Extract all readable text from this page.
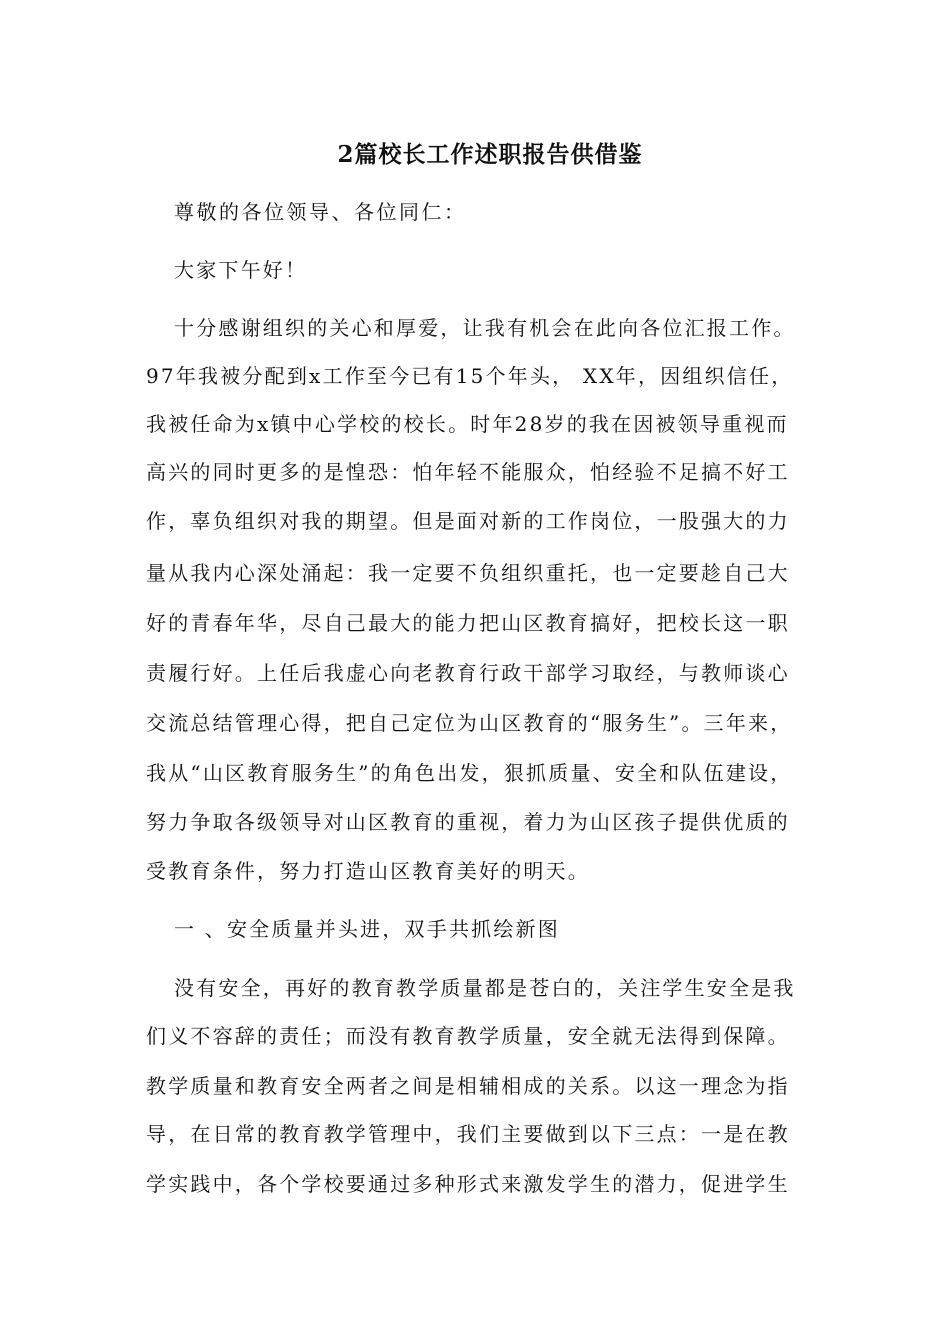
2篇校长工作述职报告供借鉴
尊敬的各位领导、各位同仁：
大家下午好！
十分感谢组织的关心和厚爱，让我有机会在此向各位汇报工作。
97年我被分配到x工作至今已有15个年头， XX年，因组织信任，
我被任命为x镇中心学校的校长。时年28岁的我在因被领导重视而
高兴的同时更多的是惶恐：怕年轻不能服众，怕经验不足搞不好工
作，辜负组织对我的期望。但是面对新的工作岗位，一股强大的力
量从我内心深处涌起：我一定要不负组织重托，也一定要趁自己大
好的青春年华，尽自己最大的能力把山区教育搞好，把校长这一职
责履行好。上任后我虚心向老教育行政干部学习取经，与教师谈心
交流总结管理心得，把自己定位为山区教育的“服务生”。三年来，
我从“山区教育服务生”的角色出发，狠抓质量、安全和队伍建设，
努力争取各级领导对山区教育的重视，着力为山区孩子提供优质的
受教育条件，努力打造山区教育美好的明天。
一 、安全质量并头进，双手共抓绘新图
没有安全，再好的教育教学质量都是苍白的，关注学生安全是我
们义不容辞的责任；而没有教育教学质量，安全就无法得到保障。
教学质量和教育安全两者之间是相辅相成的关系。以这一理念为指
导，在日常的教育教学管理中，我们主要做到以下三点：一是在教
学实践中，各个学校要通过多种形式来激发学生的潜力，促进学生
